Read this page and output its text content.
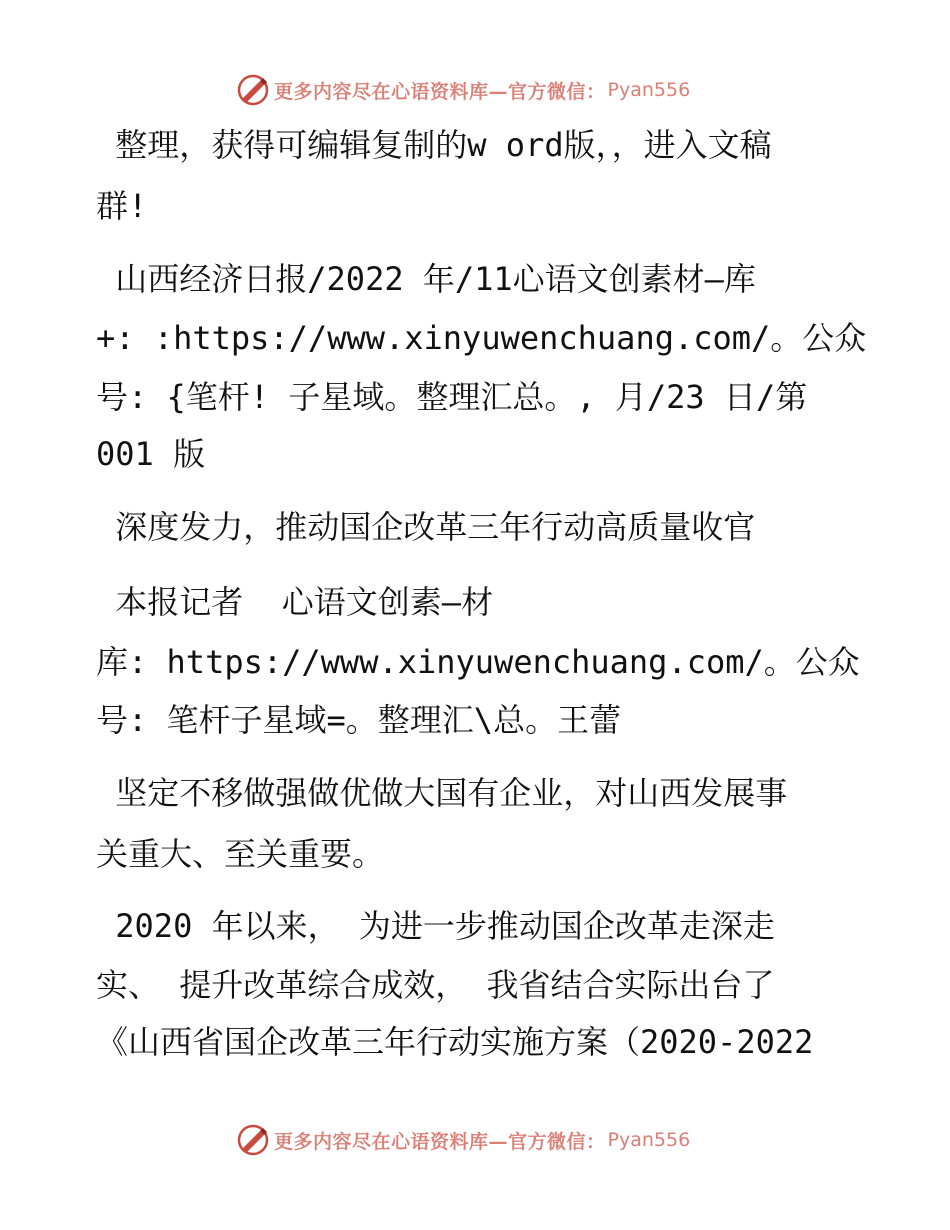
更多内容尽在心语资料库—官方微信： Pyan556
整理，获得可编辑复制的w ord版，，进入文稿
群!
山西经济日报/2022 年/11心语文创素材—库
+: :https://www.xinyuwenchuang.com/。公众
号: {笔杆! 子星域。整理汇总。, 月/23 日/第
001 版
深度发力，推动国企改革三年行动高质量收官
本报记者  心语文创素—材
库: https://www.xinyuwenchuang.com/。公众
号: 笔杆子星域=。整理汇\总。王蕾
坚定不移做强做优做大国有企业，对山西发展事
关重大、至关重要。
2020 年以来， 为进一步推动国企改革走深走
实、 提升改革综合成效， 我省结合实际出台了
《山西省国企改革三年行动实施方案（2020-2022
更多内容尽在心语资料库—官方微信： Pyan556
